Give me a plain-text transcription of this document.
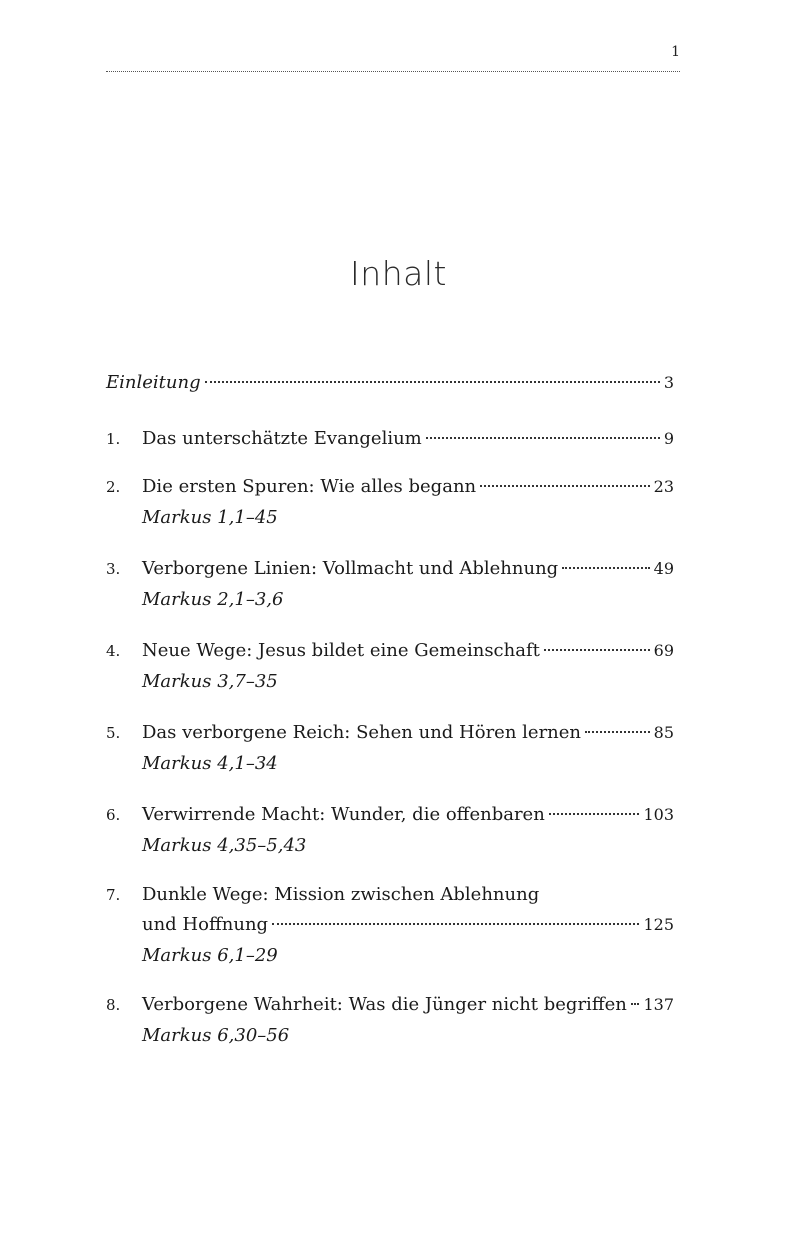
1
Inhalt
Einleitung	3
1.	Das unterschätzte Evangelium	9
2.	Die ersten Spuren: Wie alles begann	23
Markus 1,1–45
3.	Verborgene Linien: Vollmacht und Ablehnung	49
Markus 2,1–3,6
4.	Neue Wege: Jesus bildet eine Gemeinschaft	69
Markus 3,7–35
5.	Das verborgene Reich: Sehen und Hören lernen	85
Markus 4,1–34
6.	Verwirrende Macht: Wunder, die offenbaren	103
Markus 4,35–5,43
7.	Dunkle Wege: Mission zwischen Ablehnung
und Hoffnung	125
Markus 6,1–29
8.	Verborgene Wahrheit: Was die Jünger nicht begriffen 137
Markus 6,30–56
